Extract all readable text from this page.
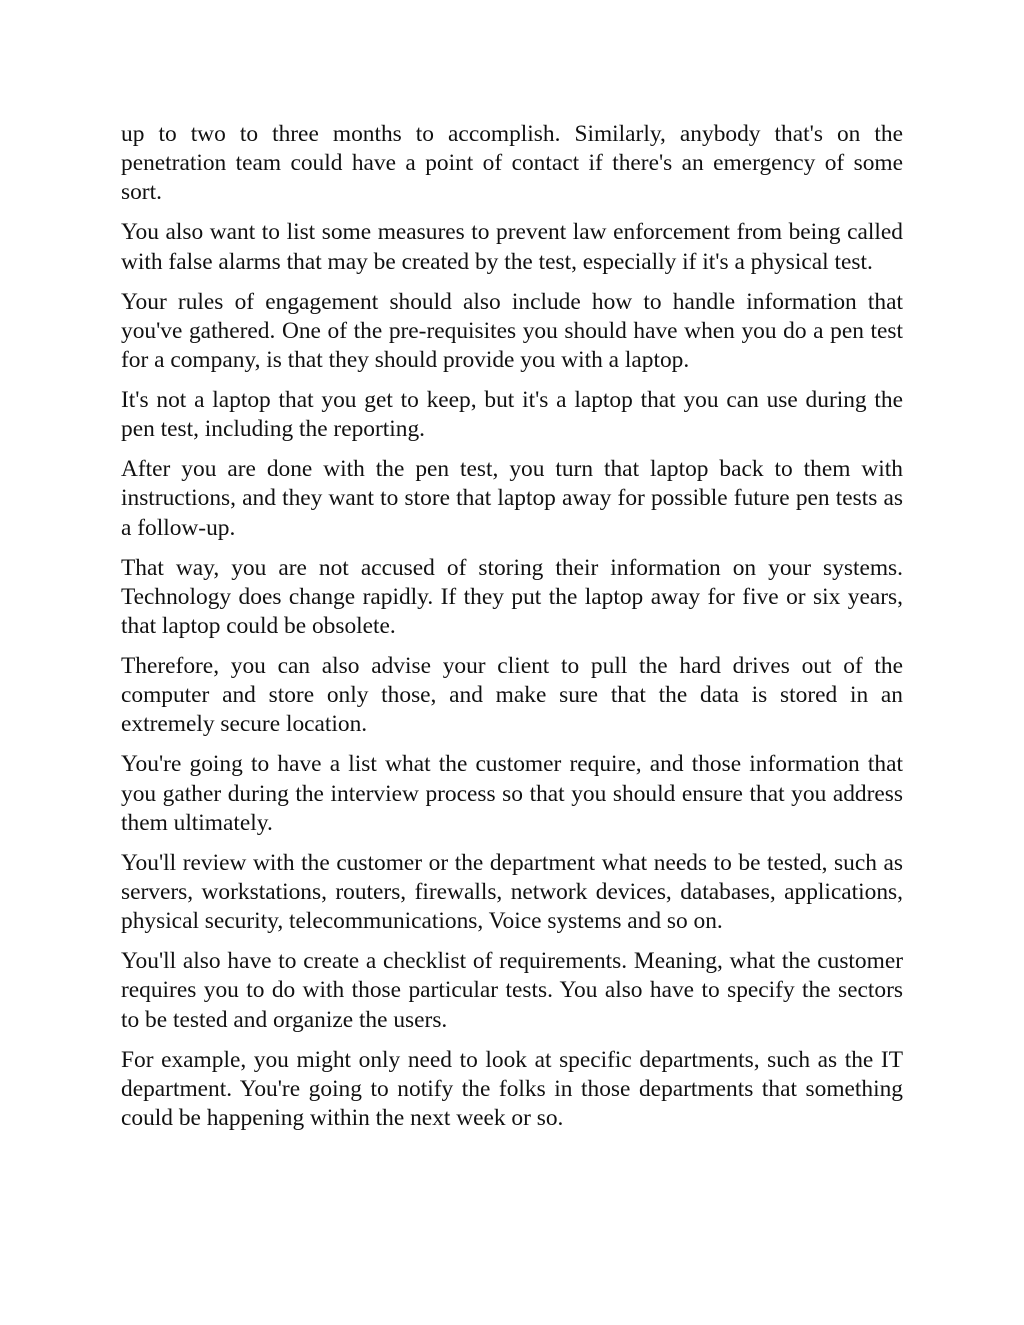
up to two to three months to accomplish. Similarly, anybody that's on the penetration team could have a point of contact if there's an emergency of some sort.

You also want to list some measures to prevent law enforcement from being called with false alarms that may be created by the test, especially if it's a physical test.

Your rules of engagement should also include how to handle information that you've gathered. One of the pre-requisites you should have when you do a pen test for a company, is that they should provide you with a laptop.

It's not a laptop that you get to keep, but it's a laptop that you can use during the pen test, including the reporting.

After you are done with the pen test, you turn that laptop back to them with instructions, and they want to store that laptop away for possible future pen tests as a follow-up.

That way, you are not accused of storing their information on your systems. Technology does change rapidly. If they put the laptop away for five or six years, that laptop could be obsolete.

Therefore, you can also advise your client to pull the hard drives out of the computer and store only those, and make sure that the data is stored in an extremely secure location.

You're going to have a list what the customer require, and those information that you gather during the interview process so that you should ensure that you address them ultimately.

You'll review with the customer or the department what needs to be tested, such as servers, workstations, routers, firewalls, network devices, databases, applications, physical security, telecommunications, Voice systems and so on.

You'll also have to create a checklist of requirements. Meaning, what the customer requires you to do with those particular tests. You also have to specify the sectors to be tested and organize the users.

For example, you might only need to look at specific departments, such as the IT department. You're going to notify the folks in those departments that something could be happening within the next week or so.
